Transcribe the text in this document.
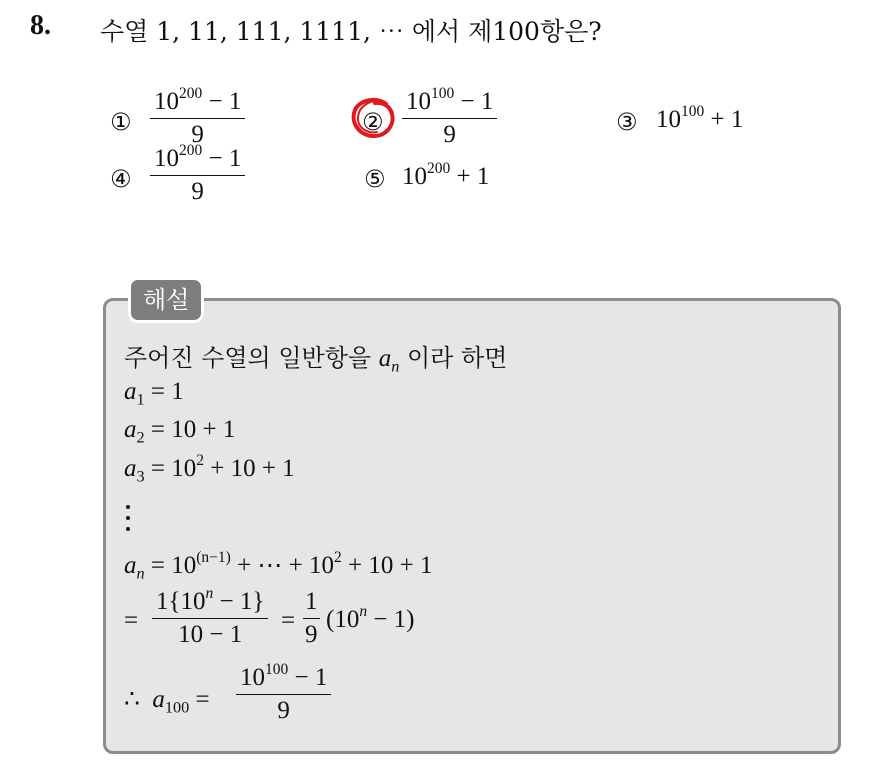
8. 수열 1, 11, 111, 1111, ⋯ 에서 제100항은?
① $\frac{10^{200} - 1}{9}$	② $\frac{10^{100} - 1}{9}$	③ $10^{100} + 1$
④ $\frac{10^{200} - 1}{9}$	⑤ $10^{200} + 1$
해설
주어진 수열의 일반항을 $a_n$ 이라 하면
$a_1 = 1$
$a_2 = 10 + 1$
$a_3 = 10^2 + 10 + 1$
$a_n = 10^{(n-1)}$ + ⋯ + $10^2 + 10 + 1$
= $\frac{1\{10^n - 1\}}{10 - 1} = \frac{1}{9} (10^n - 1)$
∴ $a_{100} = \frac{10^{100} - 1}{9}$
